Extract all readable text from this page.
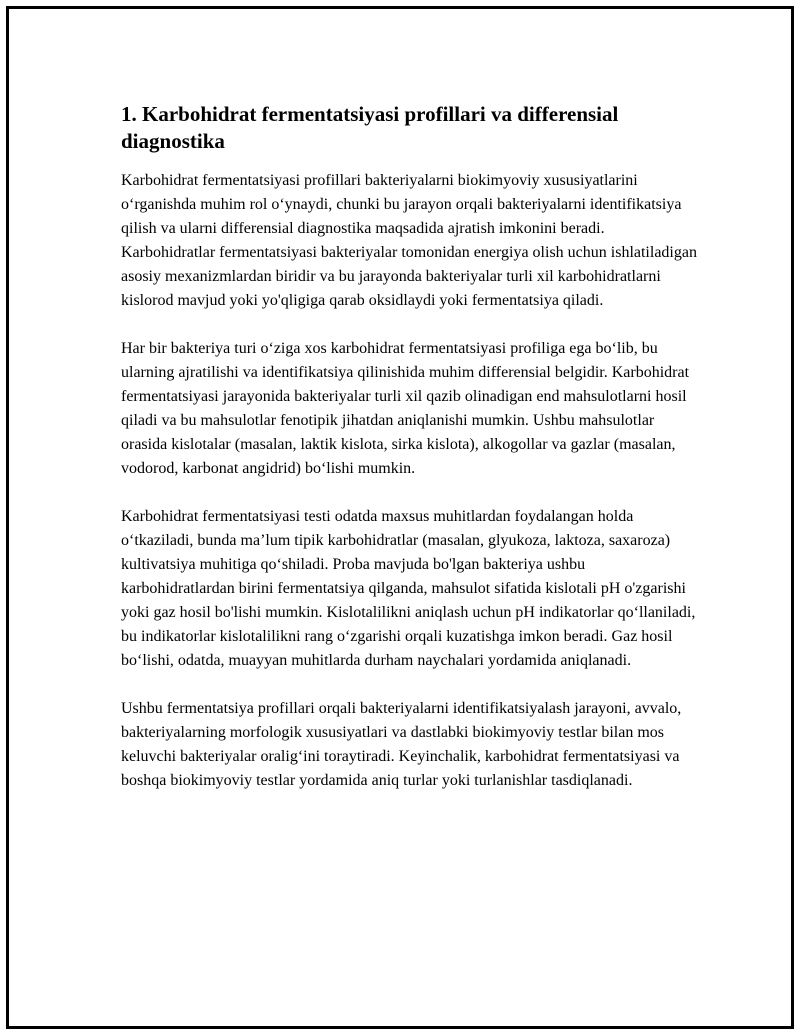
1. Karbohidrat fermentatsiyasi profillari va differensial diagnostika

Karbohidrat fermentatsiyasi profillari bakteriyalarni biokimyoviy xususiyatlarini o‘rganishda muhim rol o‘ynaydi, chunki bu jarayon orqali bakteriyalarni identifikatsiya qilish va ularni differensial diagnostika maqsadida ajratish imkonini beradi. Karbohidratlar fermentatsiyasi bakteriyalar tomonidan energiya olish uchun ishlatiladigan asosiy mexanizmlardan biridir va bu jarayonda bakteriyalar turli xil karbohidratlarni kislorod mavjud yoki yo'qligiga qarab oksidlaydi yoki fermentatsiya qiladi.

Har bir bakteriya turi o‘ziga xos karbohidrat fermentatsiyasi profiliga ega bo‘lib, bu ularning ajratilishi va identifikatsiya qilinishida muhim differensial belgidir. Karbohidrat fermentatsiyasi jarayonida bakteriyalar turli xil qazib olinadigan end mahsulotlarni hosil qiladi va bu mahsulotlar fenotipik jihatdan aniqlanishi mumkin. Ushbu mahsulotlar orasida kislotalar (masalan, laktik kislota, sirka kislota), alkogollar va gazlar (masalan, vodorod, karbonat angidrid) bo‘lishi mumkin.

Karbohidrat fermentatsiyasi testi odatda maxsus muhitlardan foydalangan holda o‘tkaziladi, bunda ma’lum tipik karbohidratlar (masalan, glyukoza, laktoza, saxaroza) kultivatsiya muhitiga qo‘shiladi. Proba mavjuda bo'lgan bakteriya ushbu karbohidratlardan birini fermentatsiya qilganda, mahsulot sifatida kislotali pH o'zgarishi yoki gaz hosil bo'lishi mumkin. Kislotalilikni aniqlash uchun pH indikatorlar qo‘llaniladi, bu indikatorlar kislotalilikni rang o‘zgarishi orqali kuzatishga imkon beradi. Gaz hosil bo‘lishi, odatda, muayyan muhitlarda durham naychalari yordamida aniqlanadi.

Ushbu fermentatsiya profillari orqali bakteriyalarni identifikatsiyalash jarayoni, avvalo, bakteriyalarning morfologik xususiyatlari va dastlabki biokimyoviy testlar bilan mos keluvchi bakteriyalar oralig‘ini toraytiradi. Keyinchalik, karbohidrat fermentatsiyasi va boshqa biokimyoviy testlar yordamida aniq turlar yoki turlanishlar tasdiqlanadi.
